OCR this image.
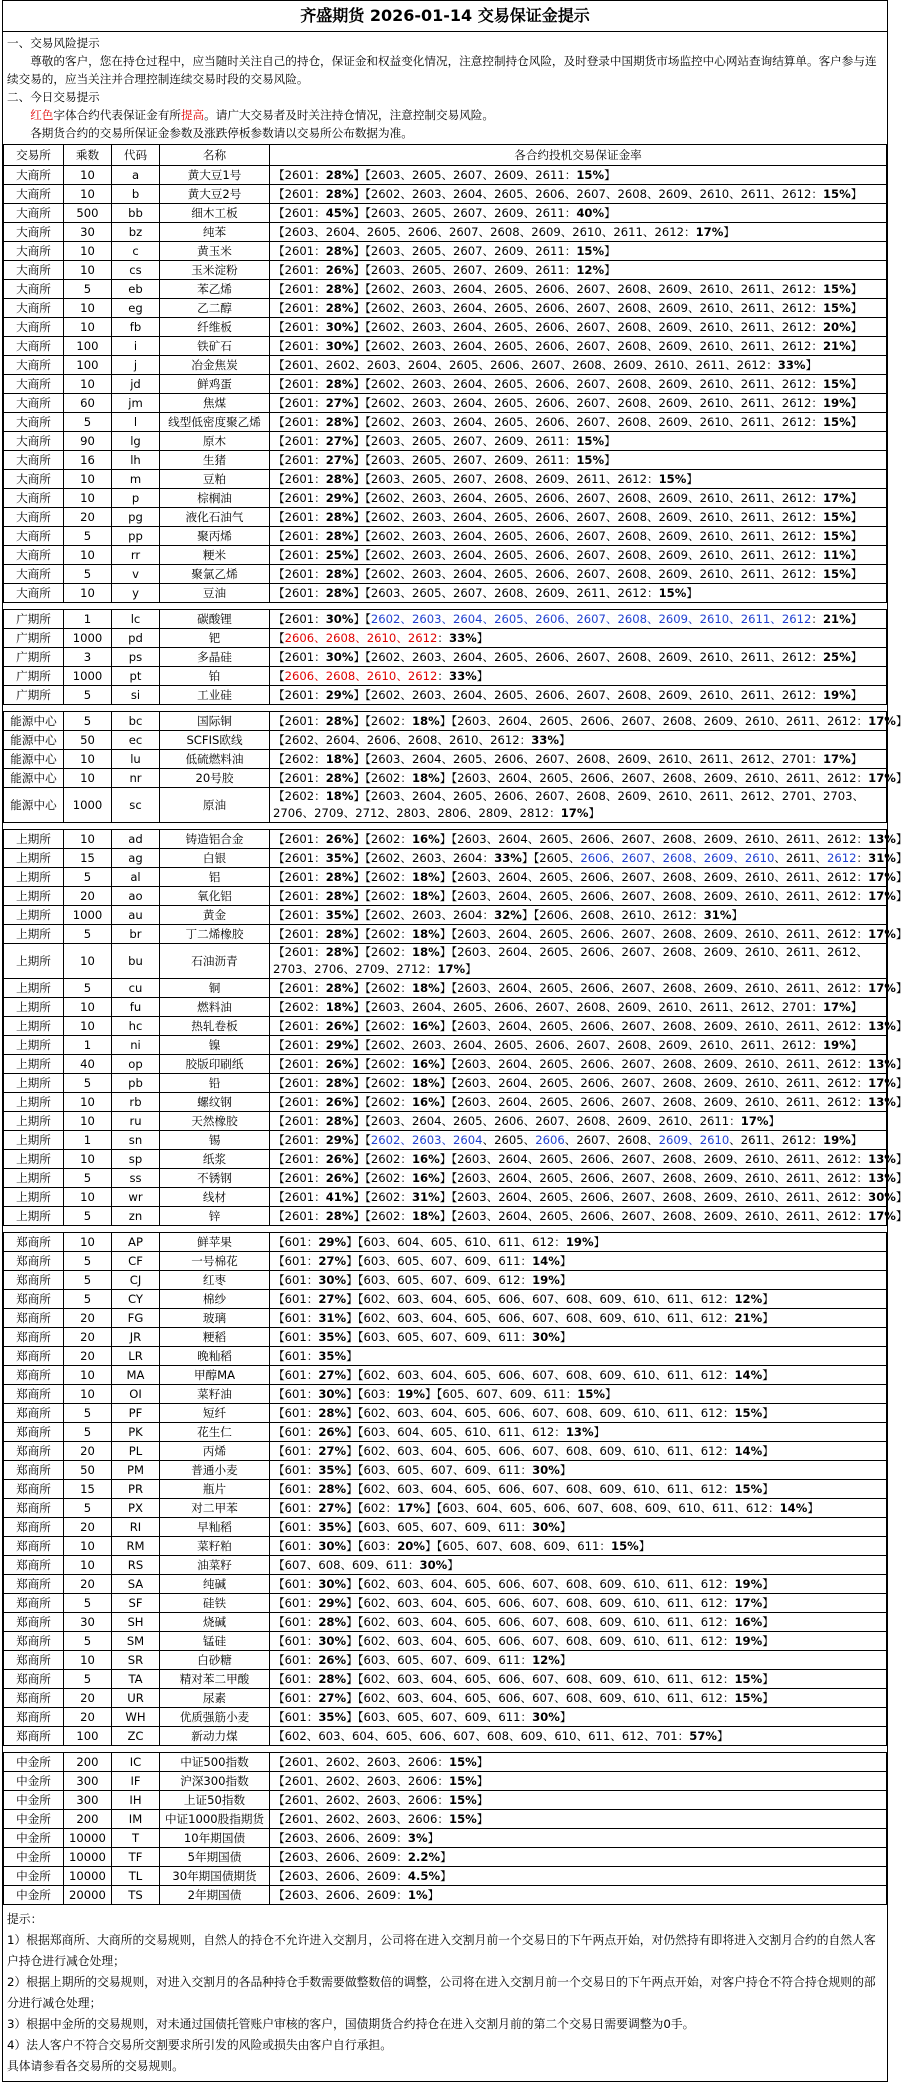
齐盛期货 2026-01-14 交易保证金提示
一、交易风险提示
尊敬的客户，您在持仓过程中，应当随时关注自己的持仓，保证金和权益变化情况，注意控制持仓风险，及时登录中国期货市场监控中心网站查询结算单。客户参与连续交易的，应当关注并合理控制连续交易时段的交易风险。
二、今日交易提示
红色字体合约代表保证金有所提高。请广大交易者及时关注持仓情况，注意控制交易风险。
各期货合约的交易所保证金参数及涨跌停板参数请以交易所公布数据为准。
交易所	乘数	代码	名称	各合约投机交易保证金率
大商所	10	a	黄大豆1号	【2601：28%】【2603、2605、2607、2609、2611：15%】
大商所	10	b	黄大豆2号	【2601：28%】【2602、2603、2604、2605、2606、2607、2608、2609、2610、2611、2612：15%】
大商所	500	bb	细木工板	【2601：45%】【2603、2605、2607、2609、2611：40%】
大商所	30	bz	纯苯	【2603、2604、2605、2606、2607、2608、2609、2610、2611、2612：17%】
大商所	10	c	黄玉米	【2601：28%】【2603、2605、2607、2609、2611：15%】
大商所	10	cs	玉米淀粉	【2601：26%】【2603、2605、2607、2609、2611：12%】
大商所	5	eb	苯乙烯	【2601：28%】【2602、2603、2604、2605、2606、2607、2608、2609、2610、2611、2612：15%】
大商所	10	eg	乙二醇	【2601：28%】【2602、2603、2604、2605、2606、2607、2608、2609、2610、2611、2612：15%】
大商所	10	fb	纤维板	【2601：30%】【2602、2603、2604、2605、2606、2607、2608、2609、2610、2611、2612：20%】
大商所	100	i	铁矿石	【2601：30%】【2602、2603、2604、2605、2606、2607、2608、2609、2610、2611、2612：21%】
大商所	100	j	冶金焦炭	【2601、2602、2603、2604、2605、2606、2607、2608、2609、2610、2611、2612：33%】
大商所	10	jd	鲜鸡蛋	【2601：28%】【2602、2603、2604、2605、2606、2607、2608、2609、2610、2611、2612：15%】
大商所	60	jm	焦煤	【2601：27%】【2602、2603、2604、2605、2606、2607、2608、2609、2610、2611、2612：19%】
大商所	5	l	线型低密度聚乙烯	【2601：28%】【2602、2603、2604、2605、2606、2607、2608、2609、2610、2611、2612：15%】
大商所	90	lg	原木	【2601：27%】【2603、2605、2607、2609、2611：15%】
大商所	16	lh	生猪	【2601：27%】【2603、2605、2607、2609、2611：15%】
大商所	10	m	豆粕	【2601：28%】【2603、2605、2607、2608、2609、2611、2612：15%】
大商所	10	p	棕榈油	【2601：29%】【2602、2603、2604、2605、2606、2607、2608、2609、2610、2611、2612：17%】
大商所	20	pg	液化石油气	【2601：28%】【2602、2603、2604、2605、2606、2607、2608、2609、2610、2611、2612：15%】
大商所	5	pp	聚丙烯	【2601：28%】【2602、2603、2604、2605、2606、2607、2608、2609、2610、2611、2612：15%】
大商所	10	rr	粳米	【2601：25%】【2602、2603、2604、2605、2606、2607、2608、2609、2610、2611、2612：11%】
大商所	5	v	聚氯乙烯	【2601：28%】【2602、2603、2604、2605、2606、2607、2608、2609、2610、2611、2612：15%】
大商所	10	y	豆油	【2601：28%】【2603、2605、2607、2608、2609、2611、2612：15%】

广期所	1	lc	碳酸锂	【2601：30%】【2602、2603、2604、2605、2606、2607、2608、2609、2610、2611、2612：21%】
广期所	1000	pd	钯	【2606、2608、2610、2612：33%】
广期所	3	ps	多晶硅	【2601：30%】【2602、2603、2604、2605、2606、2607、2608、2609、2610、2611、2612：25%】
广期所	1000	pt	铂	【2606、2608、2610、2612：33%】
广期所	5	si	工业硅	【2601：29%】【2602、2603、2604、2605、2606、2607、2608、2609、2610、2611、2612：19%】

能源中心	5	bc	国际铜	【2601：28%】【2602：18%】【2603、2604、2605、2606、2607、2608、2609、2610、2611、2612：17%】
能源中心	50	ec	SCFIS欧线	【2602、2604、2606、2608、2610、2612：33%】
能源中心	10	lu	低硫燃料油	【2602：18%】【2603、2604、2605、2606、2607、2608、2609、2610、2611、2612、2701：17%】
能源中心	10	nr	20号胶	【2601：28%】【2602：18%】【2603、2604、2605、2606、2607、2608、2609、2610、2611、2612：17%】
能源中心	1000	sc	原油	【2602：18%】【2603、2604、2605、2606、2607、2608、2609、2610、2611、2612、2701、2703、2706、2709、2712、2803、2806、2809、2812：17%】

上期所	10	ad	铸造铝合金	【2601：26%】【2602：16%】【2603、2604、2605、2606、2607、2608、2609、2610、2611、2612：13%】
上期所	15	ag	白银	【2601：35%】【2602、2603、2604：33%】【2605、2606、2607、2608、2609、2610、2611、2612：31%】
上期所	5	al	铝	【2601：28%】【2602：18%】【2603、2604、2605、2606、2607、2608、2609、2610、2611、2612：17%】
上期所	20	ao	氧化铝	【2601：28%】【2602：18%】【2603、2604、2605、2606、2607、2608、2609、2610、2611、2612：17%】
上期所	1000	au	黄金	【2601：35%】【2602、2603、2604：32%】【2606、2608、2610、2612：31%】
上期所	5	br	丁二烯橡胶	【2601：28%】【2602：18%】【2603、2604、2605、2606、2607、2608、2609、2610、2611、2612：17%】
上期所	10	bu	石油沥青	【2601：28%】【2602：18%】【2603、2604、2605、2606、2607、2608、2609、2610、2611、2612、2703、2706、2709、2712：17%】
上期所	5	cu	铜	【2601：28%】【2602：18%】【2603、2604、2605、2606、2607、2608、2609、2610、2611、2612：17%】
上期所	10	fu	燃料油	【2602：18%】【2603、2604、2605、2606、2607、2608、2609、2610、2611、2612、2701：17%】
上期所	10	hc	热轧卷板	【2601：26%】【2602：16%】【2603、2604、2605、2606、2607、2608、2609、2610、2611、2612：13%】
上期所	1	ni	镍	【2601：29%】【2602、2603、2604、2605、2606、2607、2608、2609、2610、2611、2612：19%】
上期所	40	op	胶版印刷纸	【2601：26%】【2602：16%】【2603、2604、2605、2606、2607、2608、2609、2610、2611、2612：13%】
上期所	5	pb	铅	【2601：28%】【2602：18%】【2603、2604、2605、2606、2607、2608、2609、2610、2611、2612：17%】
上期所	10	rb	螺纹钢	【2601：26%】【2602：16%】【2603、2604、2605、2606、2607、2608、2609、2610、2611、2612：13%】
上期所	10	ru	天然橡胶	【2601：28%】【2603、2604、2605、2606、2607、2608、2609、2610、2611：17%】
上期所	1	sn	锡	【2601：29%】【2602、2603、2604、2605、2606、2607、2608、2609、2610、2611、2612：19%】
上期所	10	sp	纸浆	【2601：26%】【2602：16%】【2603、2604、2605、2606、2607、2608、2609、2610、2611、2612：13%】
上期所	5	ss	不锈钢	【2601：26%】【2602：16%】【2603、2604、2605、2606、2607、2608、2609、2610、2611、2612：13%】
上期所	10	wr	线材	【2601：41%】【2602：31%】【2603、2604、2605、2606、2607、2608、2609、2610、2611、2612：30%】
上期所	5	zn	锌	【2601：28%】【2602：18%】【2603、2604、2605、2606、2607、2608、2609、2610、2611、2612：17%】

郑商所	10	AP	鲜苹果	【601：29%】【603、604、605、610、611、612：19%】
郑商所	5	CF	一号棉花	【601：27%】【603、605、607、609、611：14%】
郑商所	5	CJ	红枣	【601：30%】【603、605、607、609、612：19%】
郑商所	5	CY	棉纱	【601：27%】【602、603、604、605、606、607、608、609、610、611、612：12%】
郑商所	20	FG	玻璃	【601：31%】【602、603、604、605、606、607、608、609、610、611、612：21%】
郑商所	20	JR	粳稻	【601：35%】【603、605、607、609、611：30%】
郑商所	20	LR	晚籼稻	【601：35%】
郑商所	10	MA	甲醇MA	【601：27%】【602、603、604、605、606、607、608、609、610、611、612：14%】
郑商所	10	OI	菜籽油	【601：30%】【603：19%】【605、607、609、611：15%】
郑商所	5	PF	短纤	【601：28%】【602、603、604、605、606、607、608、609、610、611、612：15%】
郑商所	5	PK	花生仁	【601：26%】【603、604、605、610、611、612：13%】
郑商所	20	PL	丙烯	【601：27%】【602、603、604、605、606、607、608、609、610、611、612：14%】
郑商所	50	PM	普通小麦	【601：35%】【603、605、607、609、611：30%】
郑商所	15	PR	瓶片	【601：28%】【602、603、604、605、606、607、608、609、610、611、612：15%】
郑商所	5	PX	对二甲苯	【601：27%】【602：17%】【603、604、605、606、607、608、609、610、611、612：14%】
郑商所	20	RI	早籼稻	【601：35%】【603、605、607、609、611：30%】
郑商所	10	RM	菜籽粕	【601：30%】【603：20%】【605、607、608、609、611：15%】
郑商所	10	RS	油菜籽	【607、608、609、611：30%】
郑商所	20	SA	纯碱	【601：30%】【602、603、604、605、606、607、608、609、610、611、612：19%】
郑商所	5	SF	硅铁	【601：29%】【602、603、604、605、606、607、608、609、610、611、612：17%】
郑商所	30	SH	烧碱	【601：28%】【602、603、604、605、606、607、608、609、610、611、612：16%】
郑商所	5	SM	锰硅	【601：30%】【602、603、604、605、606、607、608、609、610、611、612：19%】
郑商所	10	SR	白砂糖	【601：26%】【603、605、607、609、611：12%】
郑商所	5	TA	精对苯二甲酸	【601：28%】【602、603、604、605、606、607、608、609、610、611、612：15%】
郑商所	20	UR	尿素	【601：27%】【602、603、604、605、606、607、608、609、610、611、612：15%】
郑商所	20	WH	优质强筋小麦	【601：35%】【603、605、607、609、611：30%】
郑商所	100	ZC	新动力煤	【602、603、604、605、606、607、608、609、610、611、612、701：57%】

中金所	200	IC	中证500指数	【2601、2602、2603、2606：15%】
中金所	300	IF	沪深300指数	【2601、2602、2603、2606：15%】
中金所	300	IH	上证50指数	【2601、2602、2603、2606：15%】
中金所	200	IM	中证1000股指期货	【2601、2602、2603、2606：15%】
中金所	10000	T	10年期国债	【2603、2606、2609：3%】
中金所	10000	TF	5年期国债	【2603、2606、2609：2.2%】
中金所	10000	TL	30年期国债期货	【2603、2606、2609：4.5%】
中金所	20000	TS	2年期国债	【2603、2606、2609：1%】
提示：
1）根据郑商所、大商所的交易规则，自然人的持仓不允许进入交割月，公司将在进入交割月前一个交易日的下午两点开始，对仍然持有即将进入交割月合约的自然人客户持仓进行减仓处理；
2）根据上期所的交易规则，对进入交割月的各品种持仓手数需要做整数倍的调整，公司将在进入交割月前一个交易日的下午两点开始，对客户持仓不符合持仓规则的部分进行减仓处理；
3）根据中金所的交易规则，对未通过国债托管账户审核的客户，国债期货合约持仓在进入交割月前的第二个交易日需要调整为0手。
4）法人客户不符合交易所交割要求所引发的风险或损失由客户自行承担。
具体请参看各交易所的交易规则。
